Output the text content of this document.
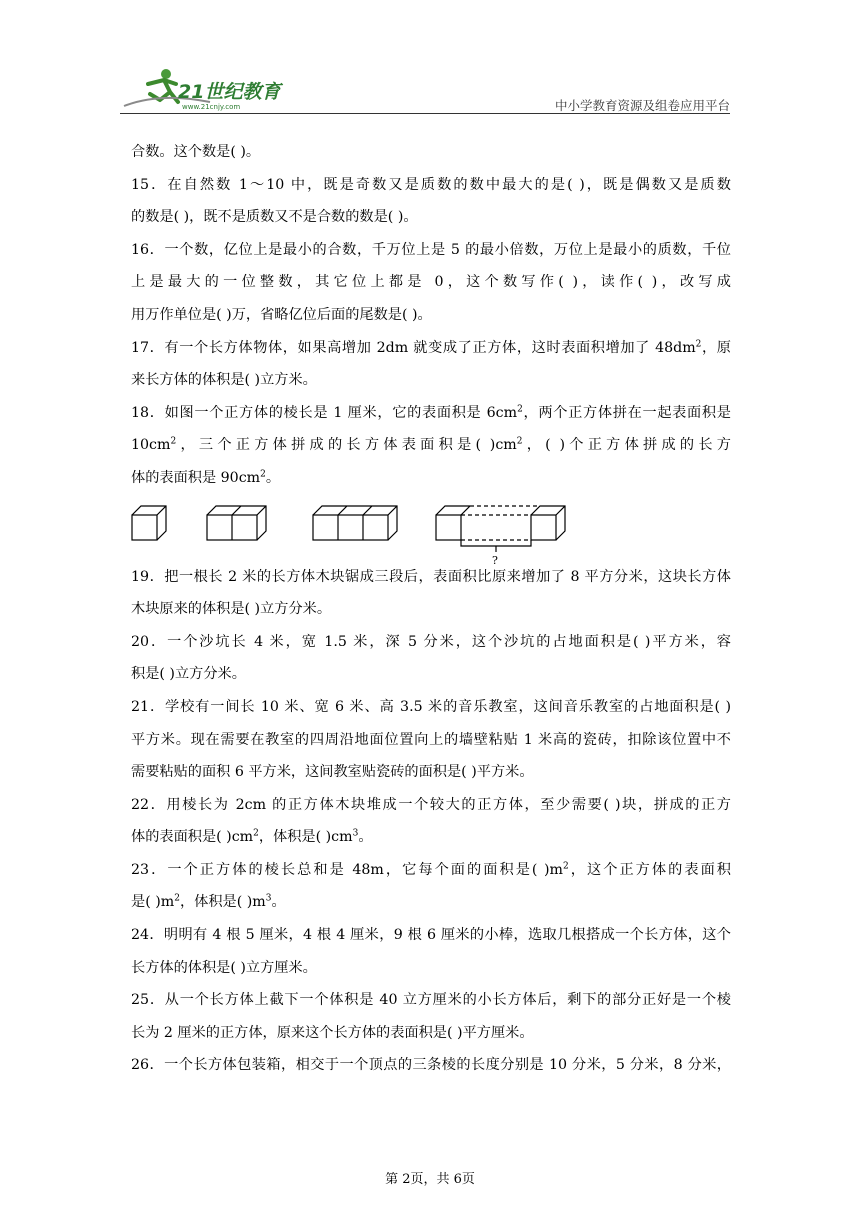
21世纪教育
www.21cnjy.com	中小学教育资源及组卷应用平台
合数。这个数是( )。
15．在自然数 1～10 中，既是奇数又是质数的数中最大的是( )，既是偶数又是质数
的数是( )，既不是质数又不是合数的数是( )。
16．一个数，亿位上是最小的合数，千万位上是 5 的最小倍数，万位上是最小的质数，千位
上是最大的一位整数，其它位上都是 0，这个数写作( )，读作( )，改写成
用万作单位是( )万，省略亿位后面的尾数是( )。
17．有一个长方体物体，如果高增加 2dm 就变成了正方体，这时表面积增加了 $48dm^2$，原
来长方体的体积是( )立方米。
18．如图一个正方体的棱长是 1 厘米，它的表面积是 $6cm^2$，两个正方体拼在一起表面积是
$10cm^2$，三个正方体拼成的长方体表面积是( )$cm^2$，( )个正方体拼成的长方
体的表面积是 $90cm^2$。
?
19．把一根长 2 米的长方体木块锯成三段后，表面积比原来增加了 8 平方分米，这块长方体
木块原来的体积是( )立方分米。
20．一个沙坑长 4 米，宽 1.5 米，深 5 分米，这个沙坑的占地面积是( )平方米，容
积是( )立方分米。
21．学校有一间长 10 米、宽 6 米、高 3.5 米的音乐教室，这间音乐教室的占地面积是( )
平方米。现在需要在教室的四周沿地面位置向上的墙壁粘贴 1 米高的瓷砖，扣除该位置中不
需要粘贴的面积 6 平方米，这间教室贴瓷砖的面积是( )平方米。
22．用棱长为 2cm 的正方体木块堆成一个较大的正方体，至少需要( )块，拼成的正方
体的表面积是( )$cm^2$，体积是( )$cm^3$。
23．一个正方体的棱长总和是 48m，它每个面的面积是( )$m^2$，这个正方体的表面积
是( )$m^2$，体积是( )$m^3$。
24．明明有 4 根 5 厘米，4 根 4 厘米，9 根 6 厘米的小棒，选取几根搭成一个长方体，这个
长方体的体积是( )立方厘米。
25．从一个长方体上截下一个体积是 40 立方厘米的小长方体后，剩下的部分正好是一个棱
长为 2 厘米的正方体，原来这个长方体的表面积是( )平方厘米。
26．一个长方体包装箱，相交于一个顶点的三条棱的长度分别是 10 分米，5 分米，8 分米，
第 2页，共 6页
